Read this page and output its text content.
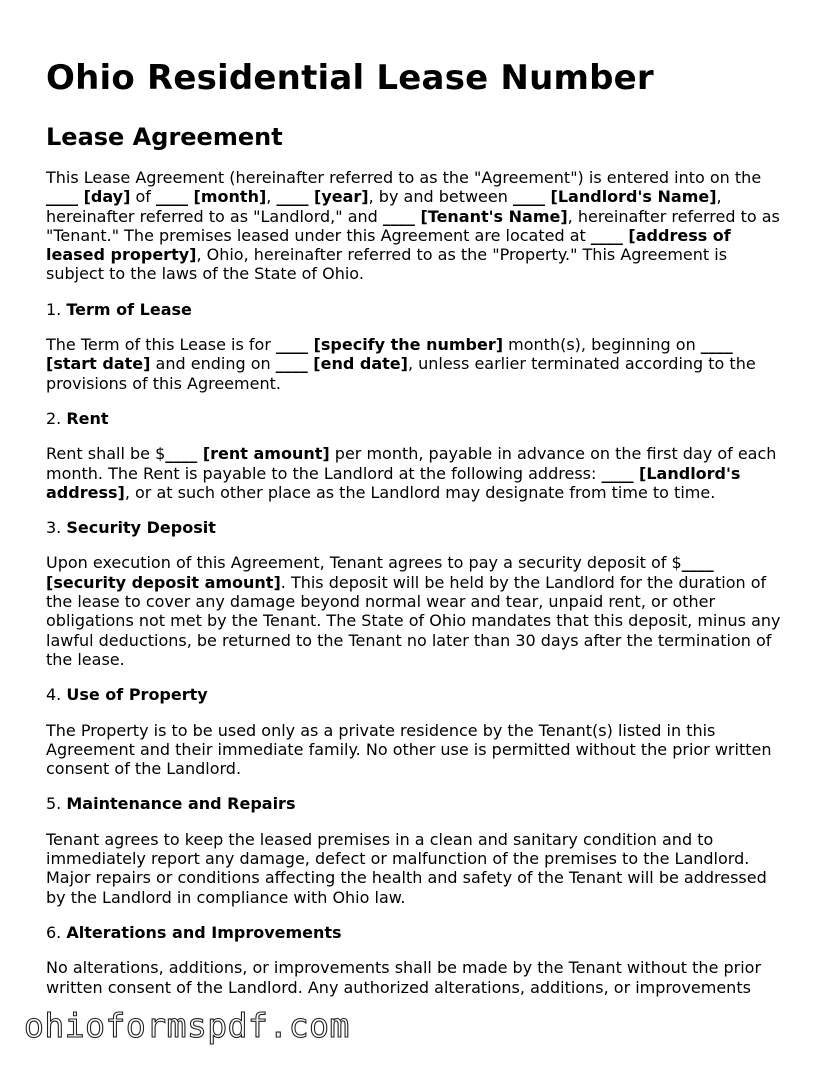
Ohio Residential Lease Number
Lease Agreement

This Lease Agreement (hereinafter referred to as the "Agreement") is entered into on the ____ [day] of ____ [month], ____ [year], by and between ____ [Landlord's Name], hereinafter referred to as "Landlord," and ____ [Tenant's Name], hereinafter referred to as "Tenant." The premises leased under this Agreement are located at ____ [address of leased property], Ohio, hereinafter referred to as the "Property." This Agreement is subject to the laws of the State of Ohio.

1. Term of Lease

The Term of this Lease is for ____ [specify the number] month(s), beginning on ____ [start date] and ending on ____ [end date], unless earlier terminated according to the provisions of this Agreement.

2. Rent

Rent shall be $____ [rent amount] per month, payable in advance on the first day of each month. The Rent is payable to the Landlord at the following address: ____ [Landlord's address], or at such other place as the Landlord may designate from time to time.

3. Security Deposit

Upon execution of this Agreement, Tenant agrees to pay a security deposit of $____ [security deposit amount]. This deposit will be held by the Landlord for the duration of the lease to cover any damage beyond normal wear and tear, unpaid rent, or other obligations not met by the Tenant. The State of Ohio mandates that this deposit, minus any lawful deductions, be returned to the Tenant no later than 30 days after the termination of the lease.

4. Use of Property

The Property is to be used only as a private residence by the Tenant(s) listed in this Agreement and their immediate family. No other use is permitted without the prior written consent of the Landlord.

5. Maintenance and Repairs

Tenant agrees to keep the leased premises in a clean and sanitary condition and to immediately report any damage, defect or malfunction of the premises to the Landlord. Major repairs or conditions affecting the health and safety of the Tenant will be addressed by the Landlord in compliance with Ohio law.

6. Alterations and Improvements

No alterations, additions, or improvements shall be made by the Tenant without the prior written consent of the Landlord. Any authorized alterations, additions, or improvements

ohioformspdf.com
